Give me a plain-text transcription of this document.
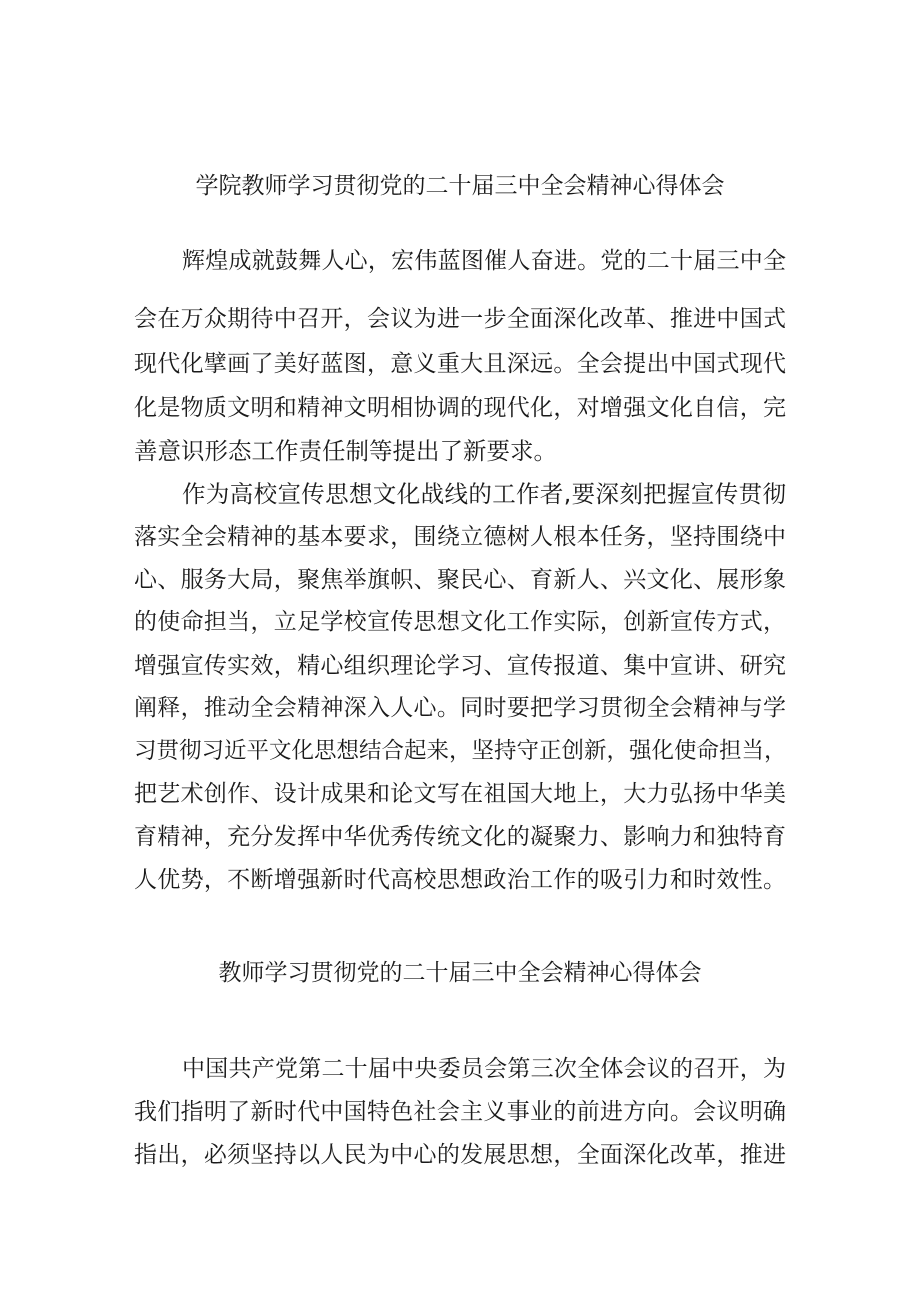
学院教师学习贯彻党的二十届三中全会精神心得体会

辉煌成就鼓舞人心，宏伟蓝图催人奋进。党的二十届三中全

会在万众期待中召开，会议为进一步全面深化改革、推进中国式

现代化擘画了美好蓝图，意义重大且深远。全会提出中国式现代

化是物质文明和精神文明相协调的现代化，对增强文化自信，完

善意识形态工作责任制等提出了新要求。

作为高校宣传思想文化战线的工作者,要深刻把握宣传贯彻

落实全会精神的基本要求，围绕立德树人根本任务，坚持围绕中

心、服务大局，聚焦举旗帜、聚民心、育新人、兴文化、展形象

的使命担当，立足学校宣传思想文化工作实际，创新宣传方式，

增强宣传实效，精心组织理论学习、宣传报道、集中宣讲、研究

阐释，推动全会精神深入人心。同时要把学习贯彻全会精神与学

习贯彻习近平文化思想结合起来，坚持守正创新，强化使命担当，

把艺术创作、设计成果和论文写在祖国大地上，大力弘扬中华美

育精神，充分发挥中华优秀传统文化的凝聚力、影响力和独特育

人优势，不断增强新时代高校思想政治工作的吸引力和时效性。

教师学习贯彻党的二十届三中全会精神心得体会

中国共产党第二十届中央委员会第三次全体会议的召开，为

我们指明了新时代中国特色社会主义事业的前进方向。会议明确

指出，必须坚持以人民为中心的发展思想，全面深化改革，推进
